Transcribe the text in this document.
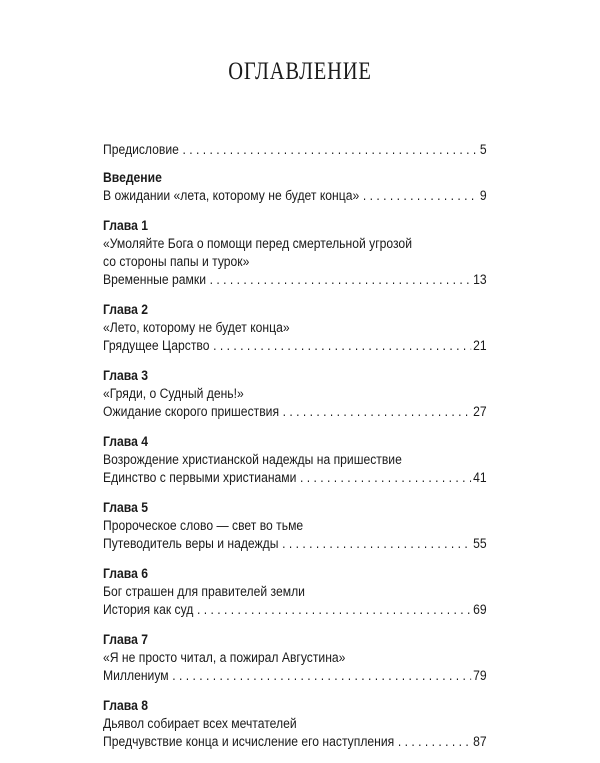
ОГЛАВЛЕНИЕ
Предисловие . . .	5
Введение
В ожидании «лета, которому не будет конца» . . .	9
Глава 1
«Умоляйте Бога о помощи перед смертельной угрозой
со стороны папы и турок»
Временные рамки . . .	13
Глава 2
«Лето, которому не будет конца»
Грядущее Царство . . .	21
Глава 3
«Гряди, о Судный день!»
Ожидание скорого пришествия . . .	27
Глава 4
Возрождение христианской надежды на пришествие
Единство с первыми христианами . . .	41
Глава 5
Пророческое слово — свет во тьме
Путеводитель веры и надежды . . .	55
Глава 6
Бог страшен для правителей земли
История как суд . . .	69
Глава 7
«Я не просто читал, а пожирал Августина»
Миллениум . . .	79
Глава 8
Дьявол собирает всех мечтателей
Предчувствие конца и исчисление его наступления . . .	87
